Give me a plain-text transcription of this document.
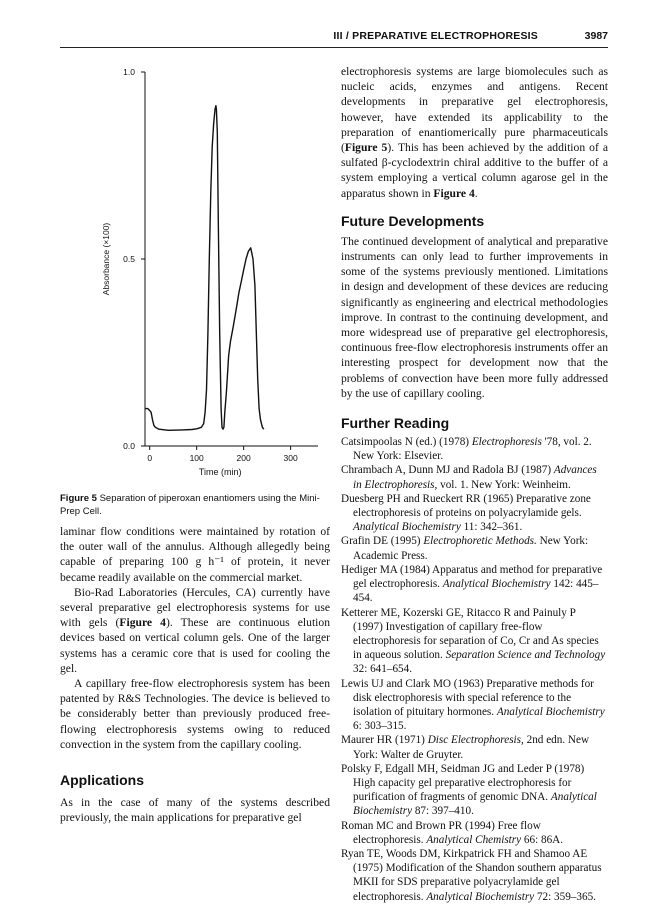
III / PREPARATIVE ELECTROPHORESIS	3987
0.0
0.5
1.0
0	100	200	300
Time (min)
Absorbance (×100)
Figure 5 Separation of piperoxan enantiomers using the Mini-Prep Cell.

laminar flow conditions were maintained by rotation of the outer wall of the annulus. Although allegedly being capable of preparing 100 g h⁻¹ of protein, it never became readily available on the commercial market.

Bio-Rad Laboratories (Hercules, CA) currently have several preparative gel electrophoresis systems for use with gels (Figure 4). These are continuous elution devices based on vertical column gels. One of the larger systems has a ceramic core that is used for cooling the gel.

A capillary free-flow electrophoresis system has been patented by R&S Technologies. The device is believed to be considerably better than previously produced free-flowing electrophoresis systems owing to reduced convection in the system from the capillary cooling.

Applications

As in the case of many of the systems described previously, the main applications for preparative gel

electrophoresis systems are large biomolecules such as nucleic acids, enzymes and antigens. Recent developments in preparative gel electrophoresis, however, have extended its applicability to the preparation of enantiomerically pure pharmaceuticals (Figure 5). This has been achieved by the addition of a sulfated β-cyclodextrin chiral additive to the buffer of a system employing a vertical column agarose gel in the apparatus shown in Figure 4.

Future Developments

The continued development of analytical and preparative instruments can only lead to further improvements in some of the systems previously mentioned. Limitations in design and development of these devices are reducing significantly as engineering and electrical methodologies improve. In contrast to the continuing development, and more widespread use of preparative gel electrophoresis, continuous free-flow electrophoresis instruments offer an interesting prospect for development now that the problems of convection have been more fully addressed by the use of capillary cooling.

Further Reading
Catsimpoolas N (ed.) (1978) Electrophoresis '78, vol. 2. New York: Elsevier.
Chrambach A, Dunn MJ and Radola BJ (1987) Advances in Electrophoresis, vol. 1. New York: Weinheim.
Duesberg PH and Rueckert RR (1965) Preparative zone electrophoresis of proteins on polyacrylamide gels. Analytical Biochemistry 11: 342–361.
Grafin DE (1995) Electrophoretic Methods. New York: Academic Press.
Hediger MA (1984) Apparatus and method for preparative gel electrophoresis. Analytical Biochemistry 142: 445–454.
Ketterer ME, Kozerski GE, Ritacco R and Painuly P (1997) Investigation of capillary free-flow electrophoresis for separation of Co, Cr and As species in aqueous solution. Separation Science and Technology 32: 641–654.
Lewis UJ and Clark MO (1963) Preparative methods for disk electrophoresis with special reference to the isolation of pituitary hormones. Analytical Biochemistry 6: 303–315.
Maurer HR (1971) Disc Electrophoresis, 2nd edn. New York: Walter de Gruyter.
Polsky F, Edgall MH, Seidman JG and Leder P (1978) High capacity gel preparative electrophoresis for purification of fragments of genomic DNA. Analytical Biochemistry 87: 397–410.
Roman MC and Brown PR (1994) Free flow electrophoresis. Analytical Chemistry 66: 86A.
Ryan TE, Woods DM, Kirkpatrick FH and Shamoo AE (1975) Modification of the Shandon southern apparatus MKII for SDS preparative polyacrylamide gel electrophoresis. Analytical Biochemistry 72: 359–365.
